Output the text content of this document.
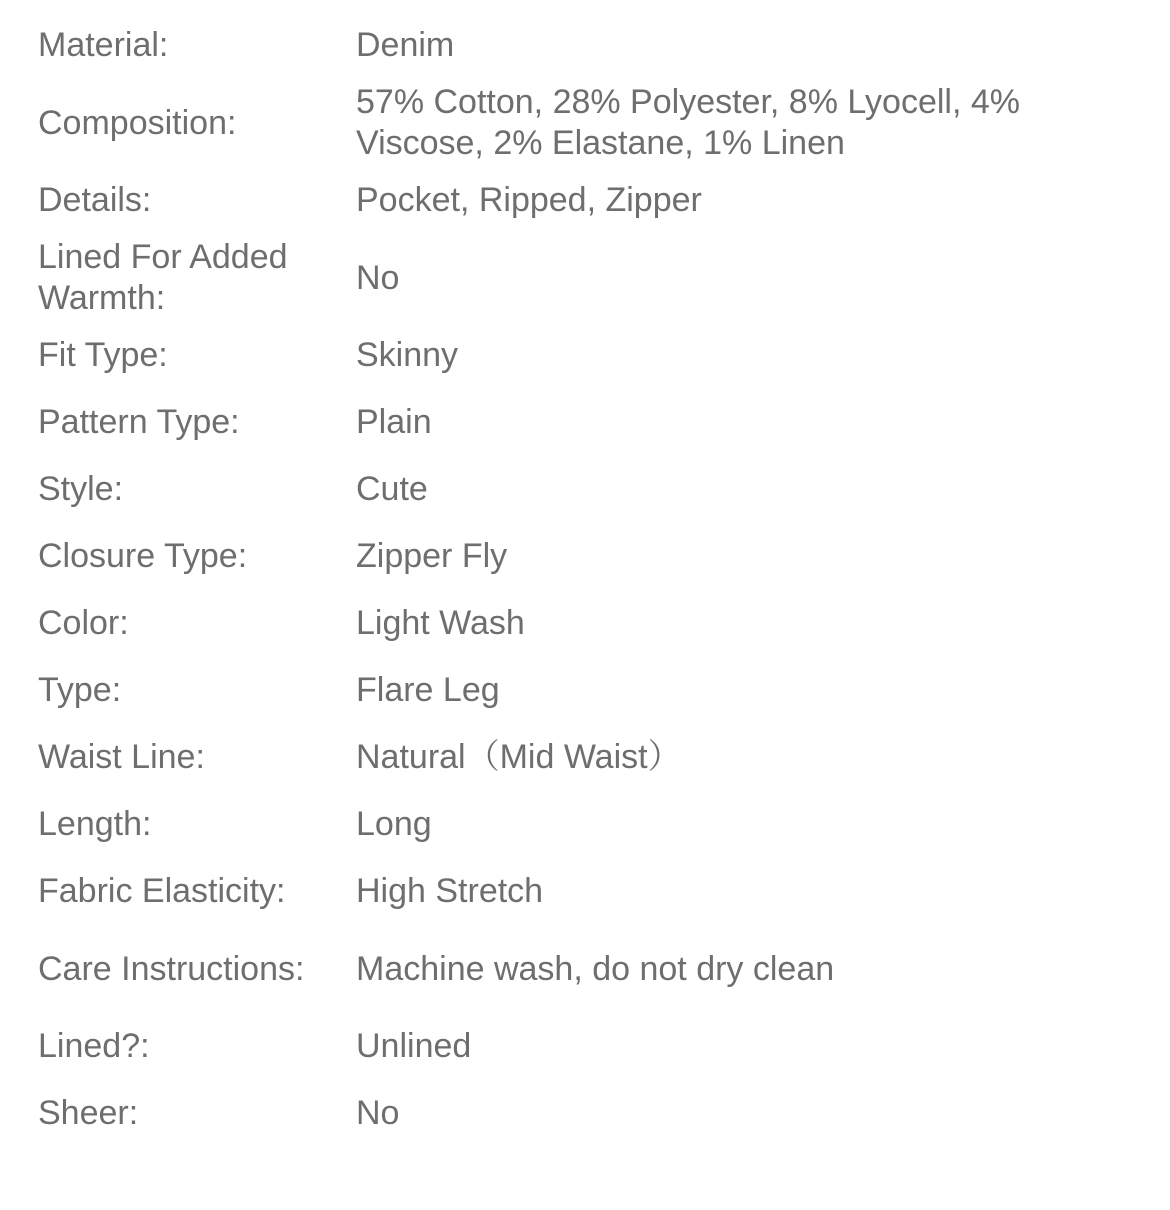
Material:	Denim
Composition:
57% Cotton, 28% Polyester, 8% Lyocell, 4% Viscose, 2% Elastane, 1% Linen
Details:	Pocket, Ripped, Zipper
Lined For Added Warmth:
No
Fit Type:	Skinny
Pattern Type:	Plain
Style:	Cute
Closure Type:	Zipper Fly
Color:	Light Wash
Type:	Flare Leg
Waist Line:	Natural（Mid Waist）
Length:	Long
Fabric Elasticity:	High Stretch
Care Instructions:	Machine wash, do not dry clean
Lined?:	Unlined
Sheer:	No
